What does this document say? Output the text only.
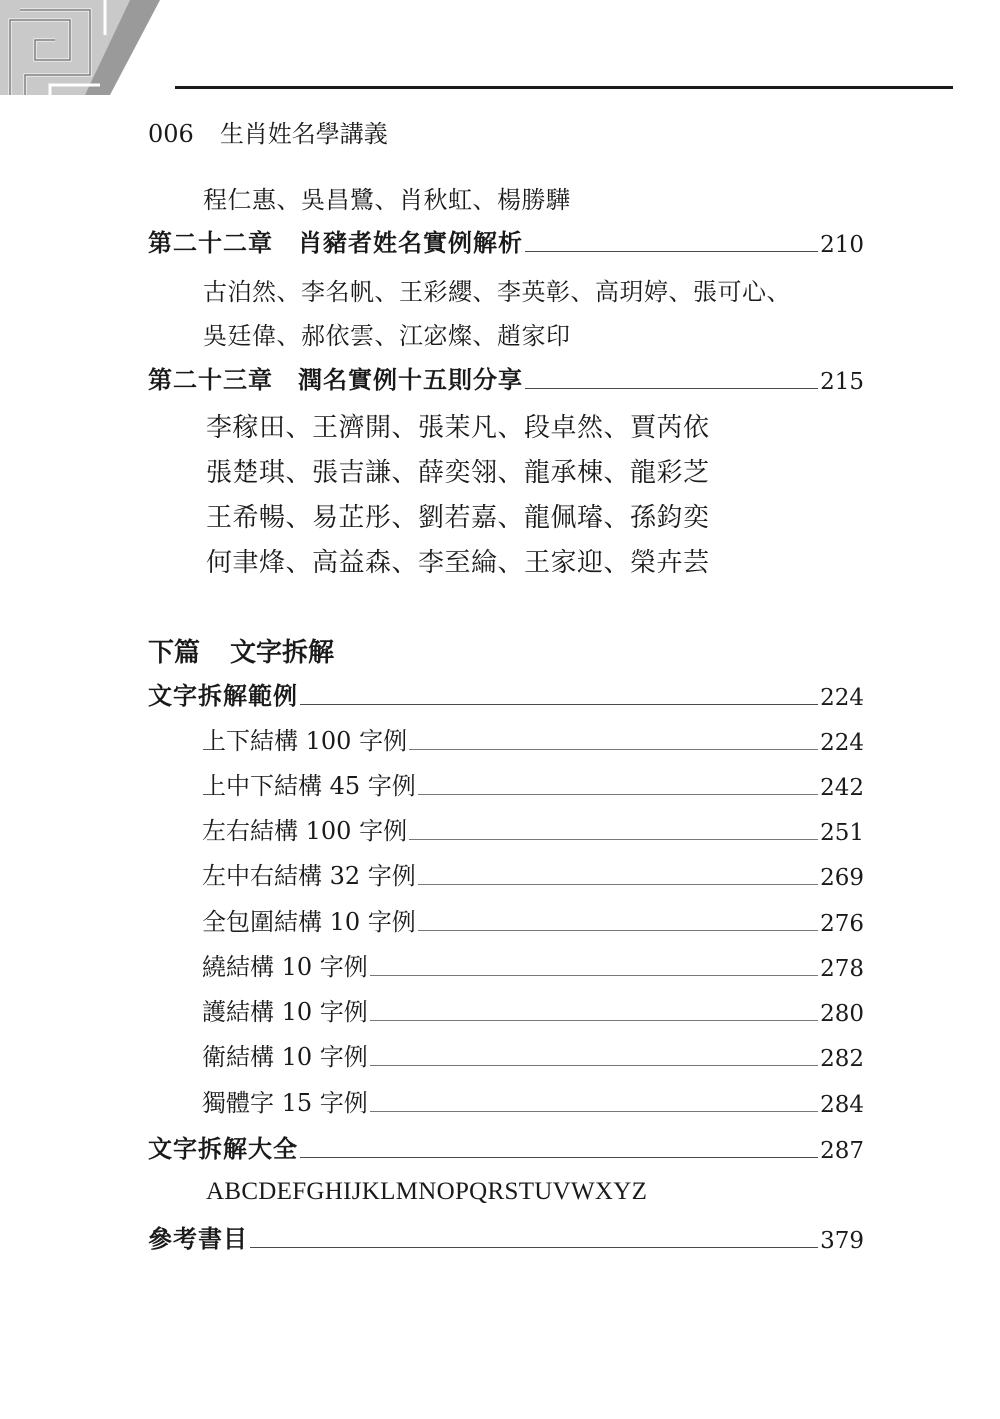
006 生肖姓名學講義
程仁惠、吳昌鷺、肖秋虹、楊勝驊
第二十二章　肖豬者姓名實例解析	210
古泊然、李名帆、王彩纓、李英彰、高玥婷、張可心、
吳廷偉、郝依雲、江宓燦、趙家印
第二十三章　潤名實例十五則分享	215
李稼田、王濟開、張茉凡、段卓然、賈芮依
張楚琪、張吉謙、薛奕翎、龍承棟、龍彩芝
王希暢、易芷彤、劉若嘉、龍佩璿、孫鈞奕
何聿烽、高益森、李至綸、王家迎、榮卉芸
下篇 文字拆解
文字拆解範例	224
上下結構 100 字例	224
上中下結構 45 字例	242
左右結構 100 字例	251
左中右結構 32 字例	269
全包圍結構 10 字例	276
繞結構 10 字例	278
護結構 10 字例	280
衛結構 10 字例	282
獨體字 15 字例	284
文字拆解大全	287
ABCDEFGHIJKLMNOPQRSTUVWXYZ
參考書目	379
